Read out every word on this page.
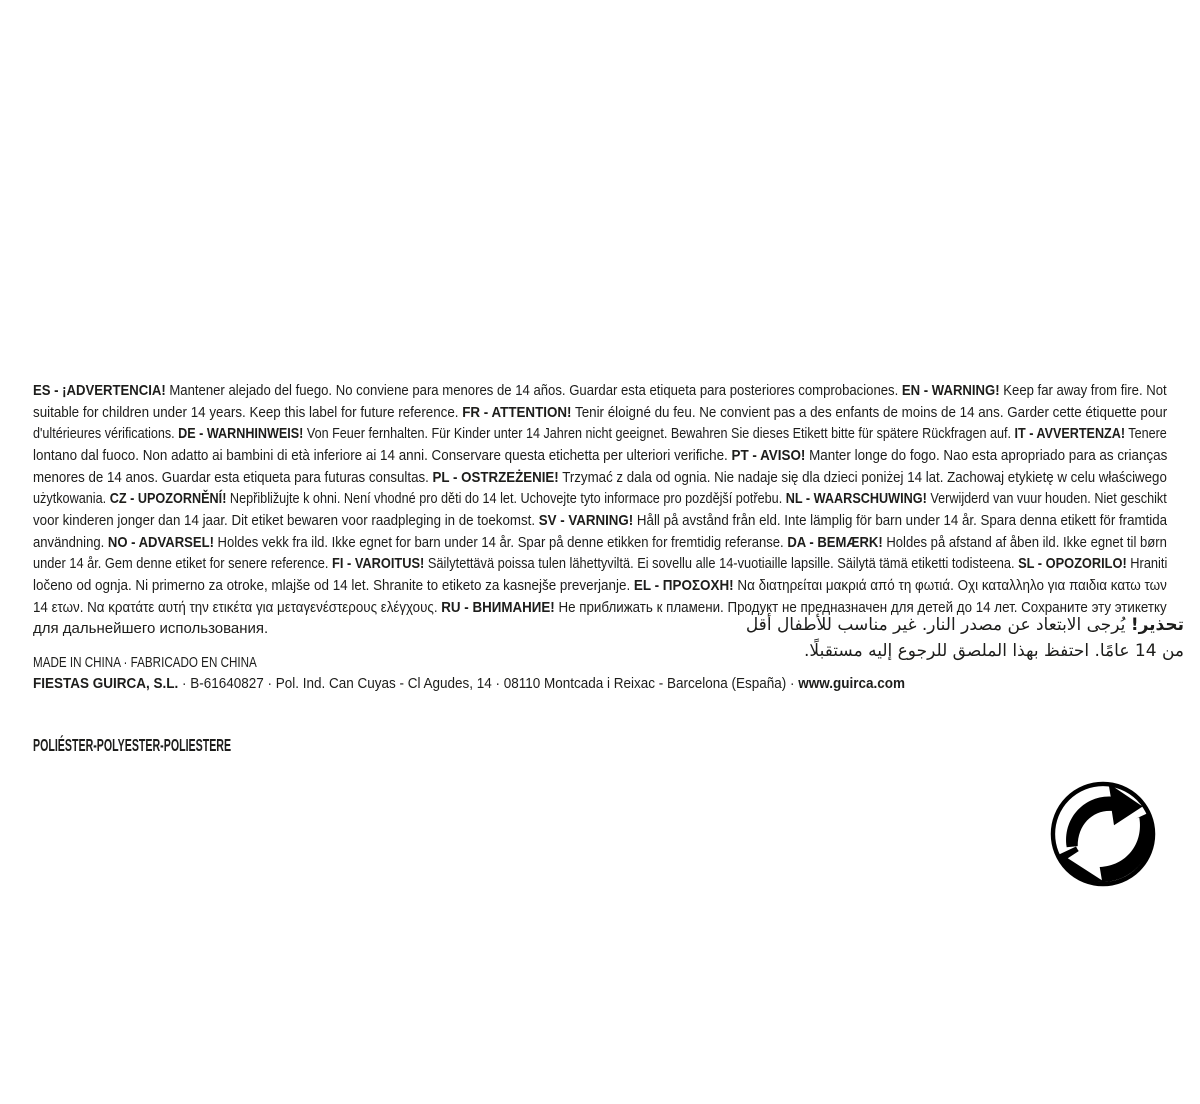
ES - ¡ADVERTENCIA! Mantener alejado del fuego. No conviene para menores de 14 años. Guardar esta etiqueta para posteriores comprobaciones. EN - WARNING! Keep far away from fire. Not
suitable for children under 14 years. Keep this label for future reference. FR - ATTENTION! Tenir éloigné du feu. Ne convient pas a des enfants de moins de 14 ans. Garder cette étiquette pour
d'ultérieures vérifications. DE - WARNHINWEIS! Von Feuer fernhalten. Für Kinder unter 14 Jahren nicht geeignet. Bewahren Sie dieses Etikett bitte für spätere Rückfragen auf. IT - AVVERTENZA! Tenere
lontano dal fuoco. Non adatto ai bambini di età inferiore ai 14 anni. Conservare questa etichetta per ulteriori verifiche. PT - AVISO! Manter longe do fogo. Nao esta apropriado para as crianças
menores de 14 anos. Guardar esta etiqueta para futuras consultas. PL - OSTRZEŻENIE! Trzymać z dala od ognia. Nie nadaje się dla dzieci poniżej 14 lat. Zachowaj etykietę w celu właściwego
użytkowania. CZ - UPOZORNĚNÍ! Nepřibližujte k ohni. Není vhodné pro děti do 14 let. Uchovejte tyto informace pro pozdější potřebu. NL - WAARSCHUWING! Verwijderd van vuur houden. Niet geschikt
voor kinderen jonger dan 14 jaar. Dit etiket bewaren voor raadpleging in de toekomst. SV - VARNING! Håll på avstånd från eld. Inte lämplig för barn under 14 år. Spara denna etikett för framtida
användning. NO - ADVARSEL! Holdes vekk fra ild. Ikke egnet for barn under 14 år. Spar på denne etikken for fremtidig referanse. DA - BEMÆRK! Holdes på afstand af åben ild. Ikke egnet til børn
under 14 år. Gem denne etiket for senere reference. FI - VAROITUS! Säilytettävä poissa tulen lähettyviltä. Ei sovellu alle 14-vuotiaille lapsille. Säilytä tämä etiketti todisteena. SL - OPOZORILO! Hraniti
ločeno od ognja. Ni primerno za otroke, mlajše od 14 let. Shranite to etiketo za kasnejše preverjanje. EL - ΠΡΟΣΟΧΗ! Να διατηρείται μακριά από τη φωτιά. Οχι καταλληλο για παιδια κατω των
14 ετων. Να κρατάτε αυτή την ετικέτα για μεταγενέστερους ελέγχους. RU - ВНИМАНИЕ! Не приближать к пламени. Продукт не предназначен для детей до 14 лет. Сохраните эту этикетку
для дальнейшего использования.	تحذير! يُرجى الابتعاد عن مصدر النار. غير مناسب للأطفال أقل
من 14 عامًا. احتفظ بهذا الملصق للرجوع إليه مستقبلًا.
MADE IN CHINA · FABRICADO EN CHINA
FIESTAS GUIRCA, S.L. · B-61640827 · Pol. Ind. Can Cuyas - Cl Agudes, 14 · 08110 Montcada i Reixac - Barcelona (España) · www.guirca.com
POLIÉSTER-POLYESTER-POLIESTERE
